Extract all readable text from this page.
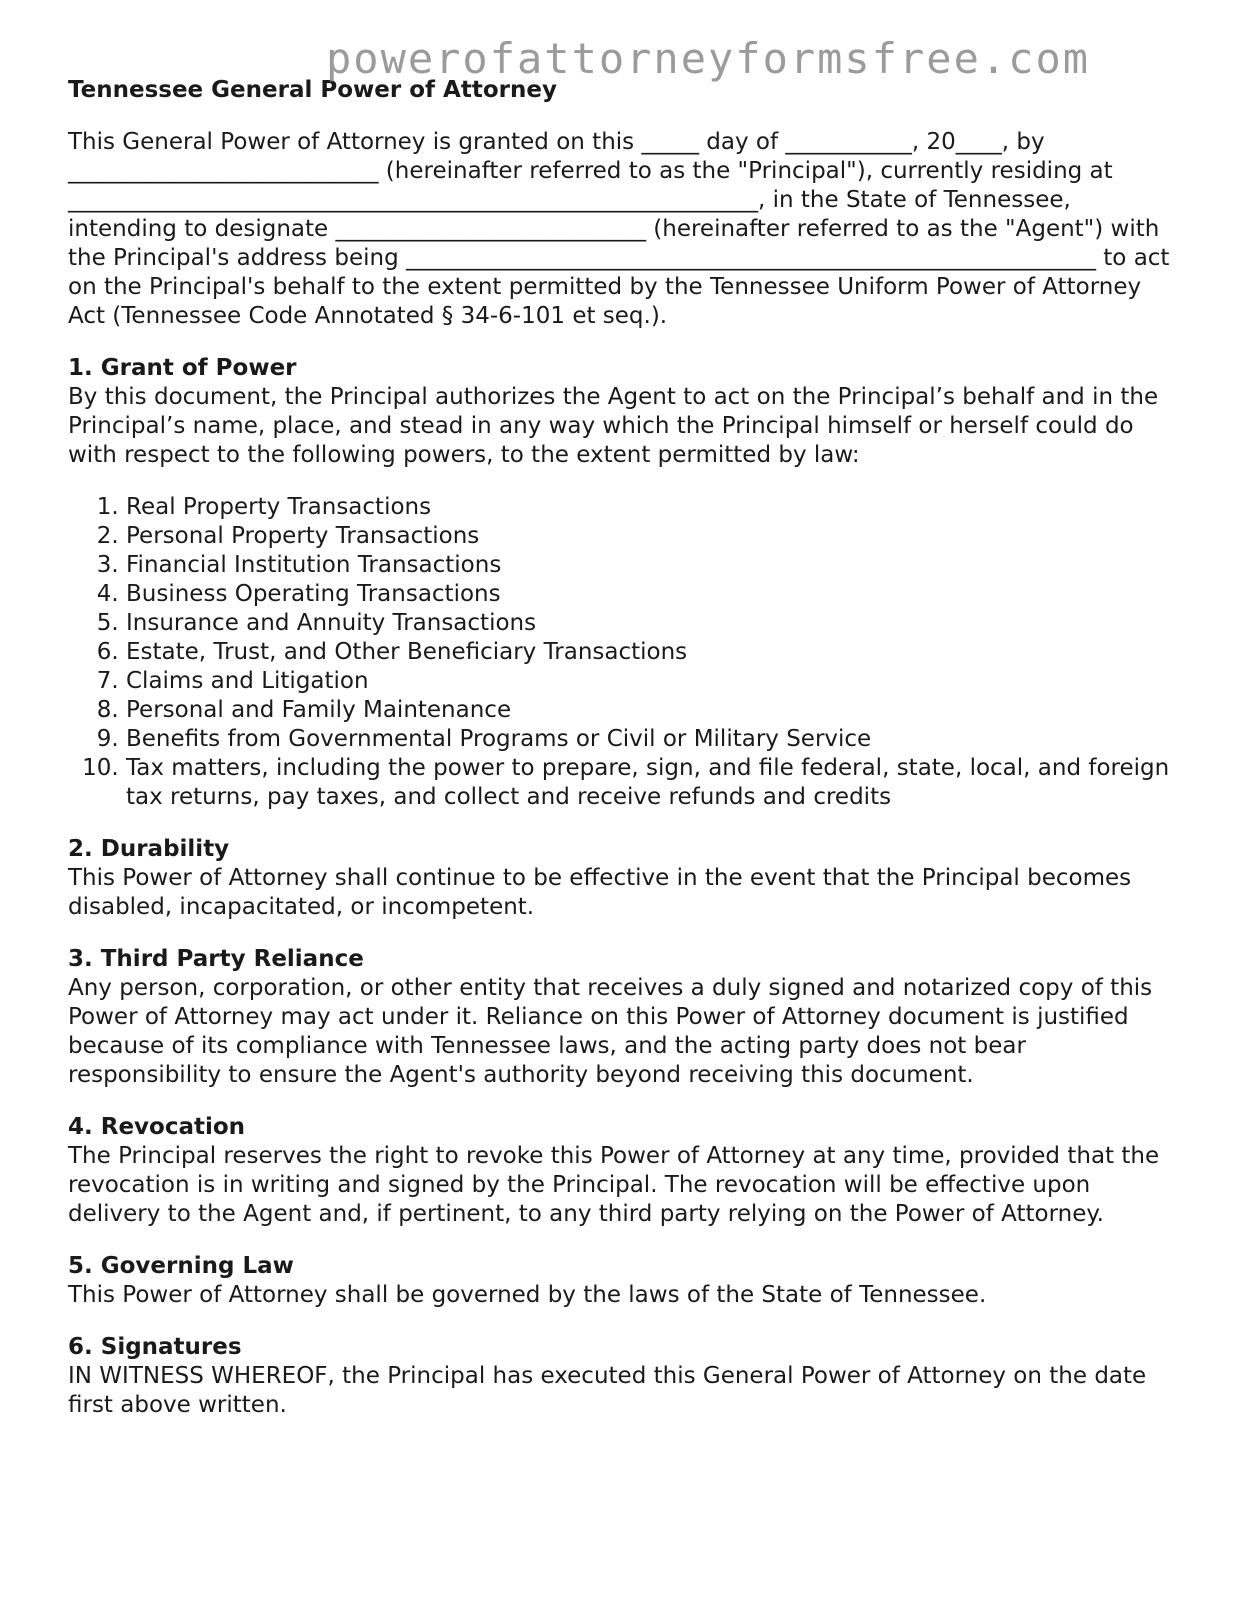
powerofattorneyformsfree.com
Tennessee General Power of Attorney

This General Power of Attorney is granted on this _____ day of ___________, 20____, by ___________________________ (hereinafter referred to as the "Principal"), currently residing at ____________________________________________________________, in the State of Tennessee, intending to designate ___________________________ (hereinafter referred to as the "Agent") with the Principal's address being ____________________________________________________________ to act on the Principal's behalf to the extent permitted by the Tennessee Uniform Power of Attorney Act (Tennessee Code Annotated § 34-6-101 et seq.).

1. Grant of Power

By this document, the Principal authorizes the Agent to act on the Principal’s behalf and in the Principal’s name, place, and stead in any way which the Principal himself or herself could do with respect to the following powers, to the extent permitted by law:

1. Real Property Transactions
2. Personal Property Transactions
3. Financial Institution Transactions
4. Business Operating Transactions
5. Insurance and Annuity Transactions
6. Estate, Trust, and Other Beneficiary Transactions
7. Claims and Litigation
8. Personal and Family Maintenance
9. Benefits from Governmental Programs or Civil or Military Service
10. Tax matters, including the power to prepare, sign, and file federal, state, local, and foreign tax returns, pay taxes, and collect and receive refunds and credits
2. Durability

This Power of Attorney shall continue to be effective in the event that the Principal becomes disabled, incapacitated, or incompetent.

3. Third Party Reliance

Any person, corporation, or other entity that receives a duly signed and notarized copy of this Power of Attorney may act under it. Reliance on this Power of Attorney document is justified because of its compliance with Tennessee laws, and the acting party does not bear responsibility to ensure the Agent's authority beyond receiving this document.

4. Revocation

The Principal reserves the right to revoke this Power of Attorney at any time, provided that the revocation is in writing and signed by the Principal. The revocation will be effective upon delivery to the Agent and, if pertinent, to any third party relying on the Power of Attorney.

5. Governing Law

This Power of Attorney shall be governed by the laws of the State of Tennessee.

6. Signatures

IN WITNESS WHEREOF, the Principal has executed this General Power of Attorney on the date first above written.
